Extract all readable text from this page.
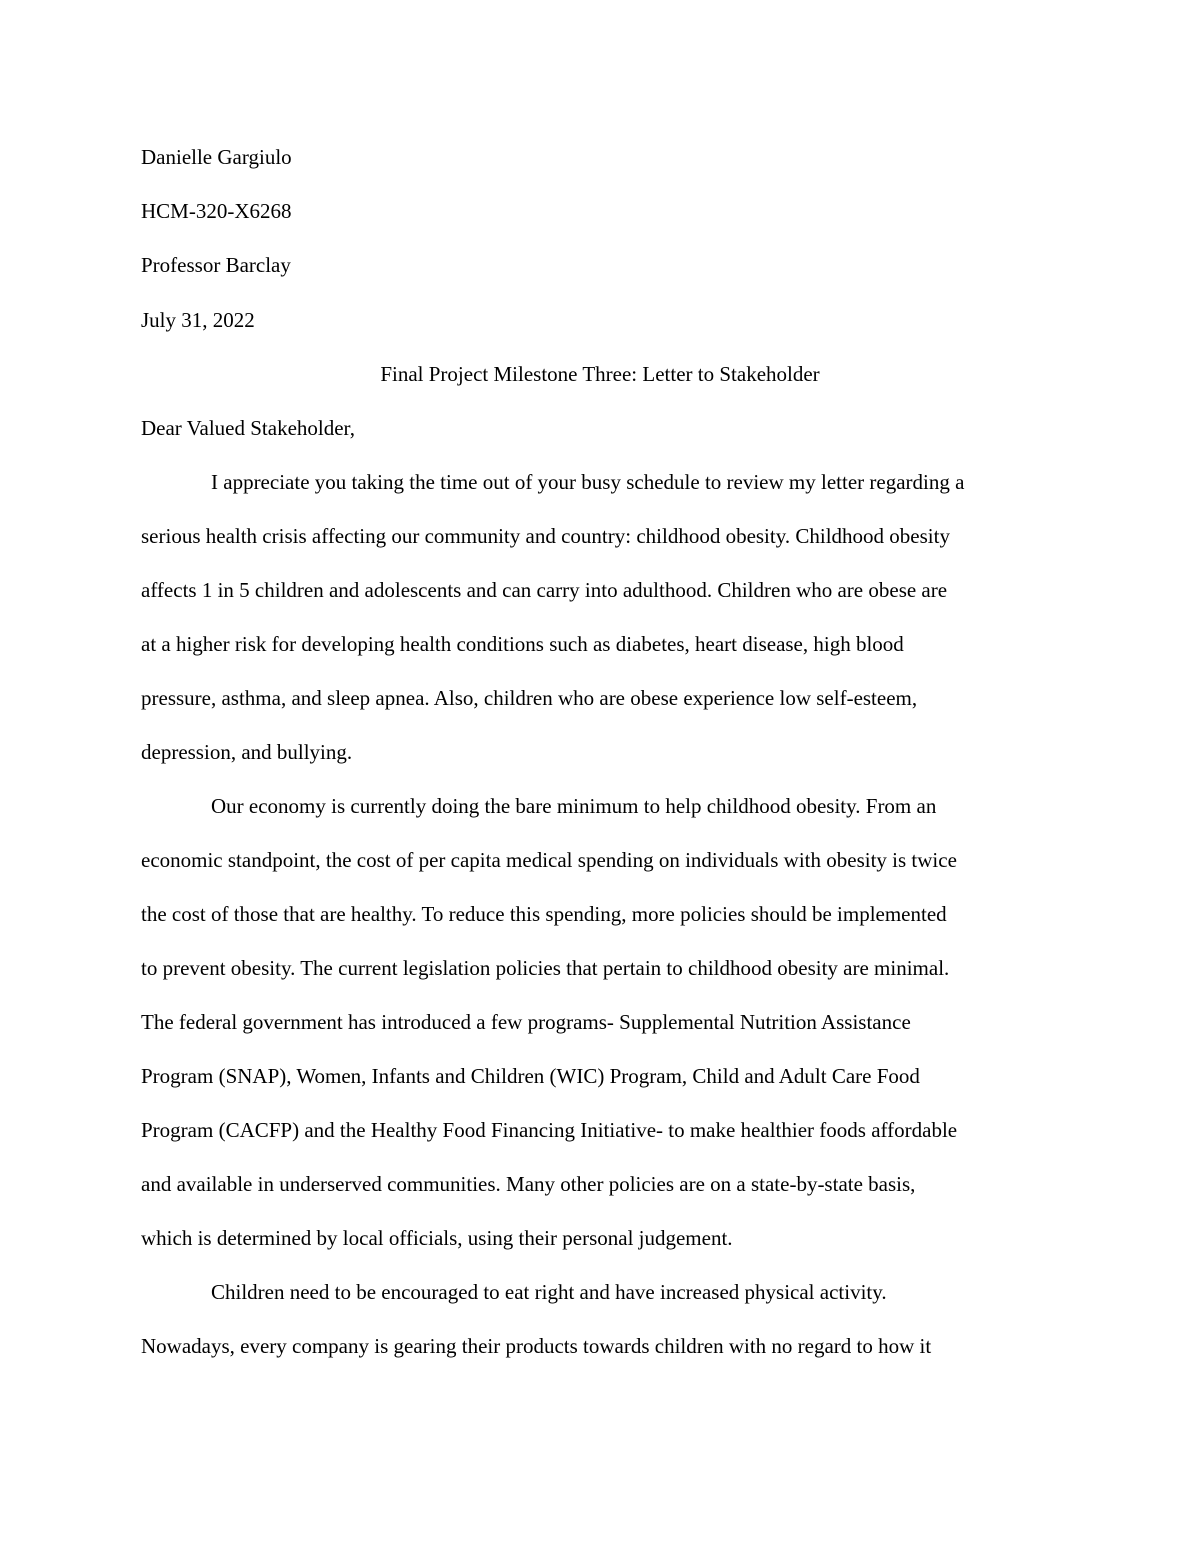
Danielle Gargiulo
HCM-320-X6268
Professor Barclay
July 31, 2022
Final Project Milestone Three: Letter to Stakeholder
Dear Valued Stakeholder,
I appreciate you taking the time out of your busy schedule to review my letter regarding a
serious health crisis affecting our community and country: childhood obesity. Childhood obesity
affects 1 in 5 children and adolescents and can carry into adulthood. Children who are obese are
at a higher risk for developing health conditions such as diabetes, heart disease, high blood
pressure, asthma, and sleep apnea. Also, children who are obese experience low self-esteem,
depression, and bullying.
Our economy is currently doing the bare minimum to help childhood obesity. From an
economic standpoint, the cost of per capita medical spending on individuals with obesity is twice
the cost of those that are healthy. To reduce this spending, more policies should be implemented
to prevent obesity. The current legislation policies that pertain to childhood obesity are minimal.
The federal government has introduced a few programs- Supplemental Nutrition Assistance
Program (SNAP), Women, Infants and Children (WIC) Program, Child and Adult Care Food
Program (CACFP) and the Healthy Food Financing Initiative- to make healthier foods affordable
and available in underserved communities. Many other policies are on a state-by-state basis,
which is determined by local officials, using their personal judgement.
Children need to be encouraged to eat right and have increased physical activity.
Nowadays, every company is gearing their products towards children with no regard to how it
